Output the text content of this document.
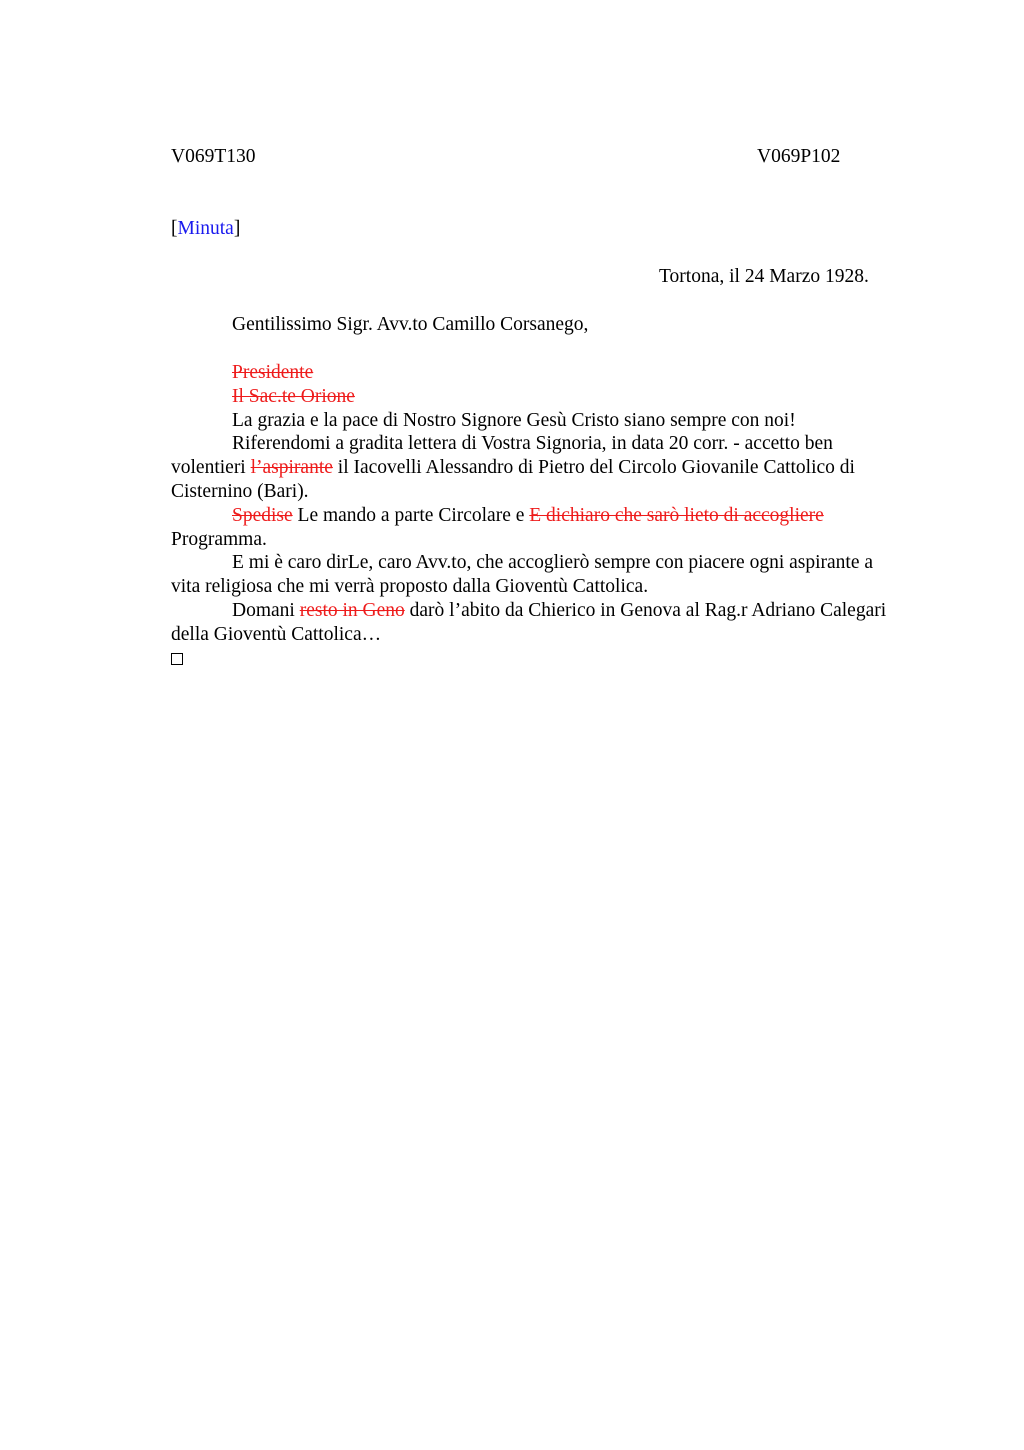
V069T130	V069P102
[Minuta]
Tortona, il 24 Marzo 1928.
Gentilissimo Sigr. Avv.to Camillo Corsanego,
Presidente
Il Sac.te Orione
La grazia e la pace di Nostro Signore Gesù Cristo siano sempre con noi!
Riferendomi a gradita lettera di Vostra Signoria, in data 20 corr. - accetto ben
volentieri l’aspirante il Iacovelli Alessandro di Pietro del Circolo Giovanile Cattolico di
Cisternino (Bari).
Spedise Le mando a parte Circolare e E dichiaro che sarò lieto di accogliere
Programma.
E mi è caro dirLe, caro Avv.to, che accoglierò sempre con piacere ogni aspirante a
vita religiosa che mi verrà proposto dalla Gioventù Cattolica.
Domani resto in Geno darò l’abito da Chierico in Genova al Rag.r Adriano Calegari
della Gioventù Cattolica…
